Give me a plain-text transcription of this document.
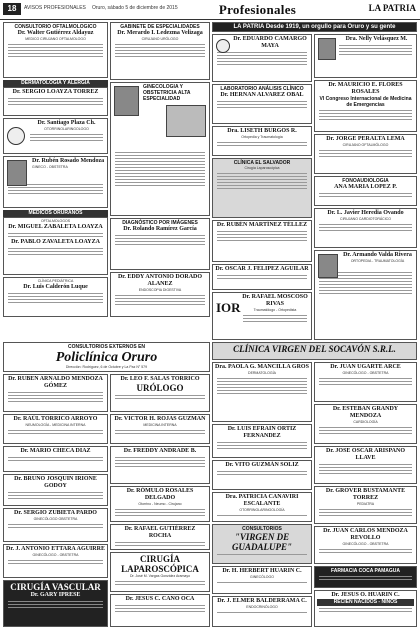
18	AVISOS PROFESIONALES Oruro, sábado 5 de diciembre de 2015	Profesionales	LA PATRIA
CONSULTORIO OFTALMOLOGICO
Dr. Walter Gutiérrez Aldayuz
MEDICO CIRUJANO OFTALMOLOGO
DERMATOLOGIA Y ALERGIA
Dr. SERGIO LOAYZA TORREZ
Dr. Santiago Plaza Ch.
OTORRINOLARINGOLOGO
Dr. Rubén Rosado Mendoza
GINECO - OBSTETRA
MEDICOS ORURANOS
OFTALMOLOGOS
Dr. MIGUEL ZABALETA LOAYZA
Dr. PABLO ZAVALETA LOAYZA
CLÍNICA PEDIÁTRICA
Dr. Luis Calderón Luque
GABINETE DE ESPECIALIDADES
Dr. Merardo I. Ledezma Velizaga
CIRUJANO URÓLOGO
GINECOLOGIA Y OBSTETRICIA ALTA ESPECIALIDAD
DIAGNÓSTICO POR IMÁGENES
Dr. Rolando Ramírez García
Dr. EDDY ANTONIO DORADO ALANEZ
ENDOSCOPIA DIGESTIVA
LA PATRIA Desde 1919, un orgullo para Oruro y su gente
Dr. EDUARDO CAMARGO MAYA
LABORATORIO ANÁLISIS CLÍNICO
Dr. HERNAN ALVAREZ OBAL
Dra. LISETH BURGOS R.
Ortopedia y Traumatología
CLÍNICA EL SALVADOR
Cirugía Laparoscópica
Dr. RUBÉN MARTÍNEZ TÉLLEZ
Dr. OSCAR J. FELIPEZ AGUILAR
IOR
Dr. RAFAEL MOSCOSO RIVAS
Traumatólogo - Ortopedista
Dra. Nelly Velásquez M.
Dr. MAURICIO E. FLORES ROSALES
VI Congreso Internacional de Medicina de Emergencias
Dr. JORGE PERALTA LEMA
CIRUJANO OFTALMÓLOGO
FONOAUDIOLOGIA
ANA MARIA LOPEZ P.
Dr. L. Javier Heredia Ovando
CIRUJANO CARDIOTORÁCICO
Dr. Armando Valda Rivera
ORTOPEDIA - TRAUMATOLOGÍA
CONSULTORIOS EXTERNOS EN
Policlínica Oruro
Dirección: Rodríguez, 6 de Octubre y La Paz N° 579
Dr. RUBEN ARNALDO MENDOZA GÓMEZ
Dr. RAÚL TORRICO ARROYO
NEUMOLOGÍA - MEDICINA INTERNA
Dr. MARIO CHECA DIAZ
Dr. BRUNO JOSQUIN IRIONE GODOY
Dr. SERGIO ZUBIETA PARDO
GINECÓLOGO OBSTETRA
Dr. J. ANTONIO ETTARA AGUIRRE
GINECÓLOGO - OBSTETRA
CIRUGÍA VASCULAR
Dr. GARY IPRESE
Dr. LEO F. SALAS TORRICO
URÓLOGO
Dr. VICTOR H. ROJAS GUZMAN
MEDICINA INTERNA
Dr. FREDDY ANDRADE B.
Dr. RÓMULO ROSALES DELGADO
Otorrino - Neumo - Cirujano
Dr. RAFAEL GUTIÉRREZ ROCHA
CIRUGÍA LAPAROSCÓPICA
Dr. José M. Vargas González Aramayo
Dr. JESUS C. CANO OCA
CLÍNICA VIRGEN DEL SOCAVÓN S.R.L.
Dra. PAOLA G. MANCILLA GROS
DERMATOLOGÍA
Dr. LUIS EFRAIN ORTIZ FERNANDEZ
Dr. VITO GUZMÁN SOLIZ
Dra. PATRICIA CANAVIRI ESCALANTE
OTORRINOLARINGOLOGÍA
CONSULTORIOS
"VIRGEN DE GUADALUPE"
Dr. H. HERBERT HUARIN C.
GINECÓLOGO
Dr. J. ELMER BALDERRAMA C.
ENDOCRINÓLOGO
Dr. JUAN UGARTE ARCE
GINECÓLOGO - OBSTETRA
Dr. ESTEBAN GRANDY MENDOZA
CARDIOLOGÍA
Dr. JOSE OSCAR ARISPANO LLAVE
Dr. GROVER BUSTAMANTE TORREZ
PEDIATRA
Dr. JUAN CARLOS MENDOZA REVOLLO
GINECÓLOGO - OBSTETRA
FARMACIA COCA PAMAGUA
Dr. JESUS O. HUARIN C.
RECIÉN NACIDOS - NIÑOS
